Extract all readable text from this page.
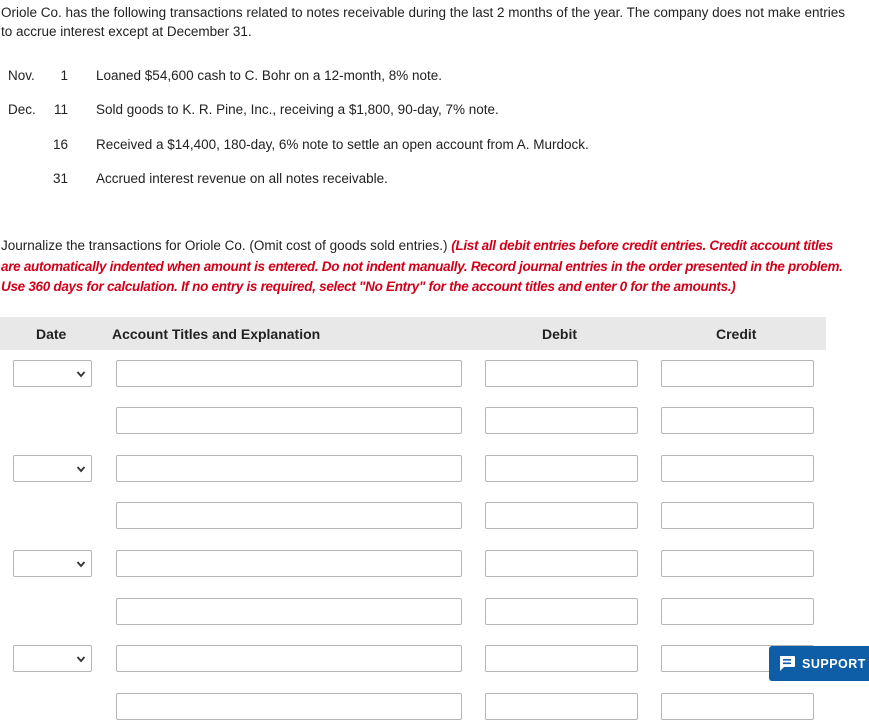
Oriole Co. has the following transactions related to notes receivable during the last 2 months of the year. The company does not make entries to accrue interest except at December 31.
Nov.	1 Loaned $54,600 cash to C. Bohr on a 12-month, 8% note.
Dec.	11 Sold goods to K. R. Pine, Inc., receiving a $1,800, 90-day, 7% note.
16 Received a $14,400, 180-day, 6% note to settle an open account from A. Murdock.
31 Accrued interest revenue on all notes receivable.
Journalize the transactions for Oriole Co. (Omit cost of goods sold entries.) (List all debit entries before credit entries. Credit account titles are automatically indented when amount is entered. Do not indent manually. Record journal entries in the order presented in the problem. Use 360 days for calculation. If no entry is required, select "No Entry" for the account titles and enter 0 for the amounts.)
Date	Account Titles and Explanation	Debit	Credit
SUPPORT
